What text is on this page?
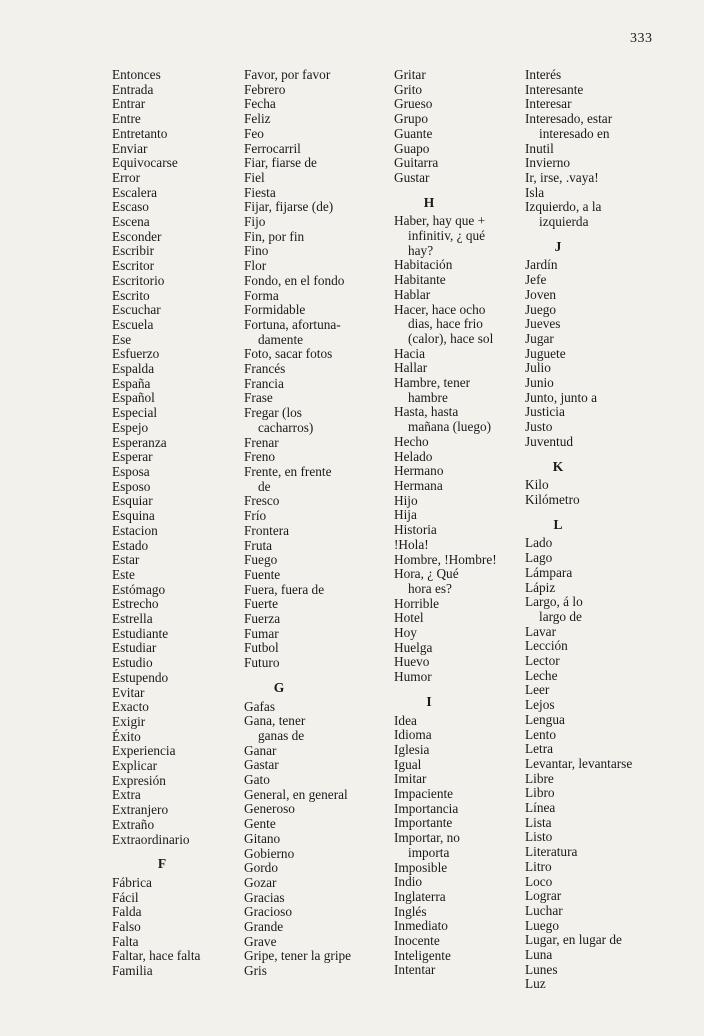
333
Entonces
Entrada
Entrar
Entre
Entretanto
Enviar
Equivocarse
Error
Escalera
Escaso
Escena
Esconder
Escribir
Escritor
Escritorio
Escrito
Escuchar
Escuela
Ese
Esfuerzo
Espalda
España
Español
Especial
Espejo
Esperanza
Esperar
Esposa
Esposo
Esquiar
Esquina
Estacion
Estado
Estar
Este
Estómago
Estrecho
Estrella
Estudiante
Estudiar
Estudio
Estupendo
Evitar
Exacto
Exigir
Éxito
Experiencia
Explicar
Expresión
Extra
Extranjero
Extraño
Extraordinario
F
Fábrica
Fácil
Falda
Falso
Falta
Faltar, hace falta
Familia
Favor, por favor
Febrero
Fecha
Feliz
Feo
Ferrocarril
Fiar, fiarse de
Fiel
Fiesta
Fijar, fijarse (de)
Fijo
Fin, por fin
Fino
Flor
Fondo, en el fondo
Forma
Formidable
Fortuna, afortuna-
damente
Foto, sacar fotos
Francés
Francia
Frase
Fregar (los
cacharros)
Frenar
Freno
Frente, en frente
de
Fresco
Frío
Frontera
Fruta
Fuego
Fuente
Fuera, fuera de
Fuerte
Fuerza
Fumar
Futbol
Futuro
G
Gafas
Gana, tener
ganas de
Ganar
Gastar
Gato
General, en general
Generoso
Gente
Gitano
Gobierno
Gordo
Gozar
Gracias
Gracioso
Grande
Grave
Gripe, tener la gripe
Gris
Gritar
Grito
Grueso
Grupo
Guante
Guapo
Guitarra
Gustar
H
Haber, hay que +
infinitiv, ¿ qué
hay?
Habitación
Habitante
Hablar
Hacer, hace ocho
dias, hace frio
(calor), hace sol
Hacia
Hallar
Hambre, tener
hambre
Hasta, hasta
mañana (luego)
Hecho
Helado
Hermano
Hermana
Hijo
Hija
Historia
!Hola!
Hombre, !Hombre!
Hora, ¿ Qué
hora es?
Horrible
Hotel
Hoy
Huelga
Huevo
Humor
I
Idea
Idioma
Iglesia
Igual
Imitar
Impaciente
Importancia
Importante
Importar, no
importa
Imposible
Indio
Inglaterra
Inglés
Inmediato
Inocente
Inteligente
Intentar
Interés
Interesante
Interesar
Interesado, estar
interesado en
Inutil
Invierno
Ir, irse, .vaya!
Isla
Izquierdo, a la
izquierda
J
Jardín
Jefe
Joven
Juego
Jueves
Jugar
Juguete
Julio
Junio
Junto, junto a
Justicia
Justo
Juventud
K
Kilo
Kilómetro
L
Lado
Lago
Lámpara
Lápiz
Largo, á lo
largo de
Lavar
Lección
Lector
Leche
Leer
Lejos
Lengua
Lento
Letra
Levantar, levantarse
Libre
Libro
Línea
Lista
Listo
Literatura
Litro
Loco
Lograr
Luchar
Luego
Lugar, en lugar de
Luna
Lunes
Luz
